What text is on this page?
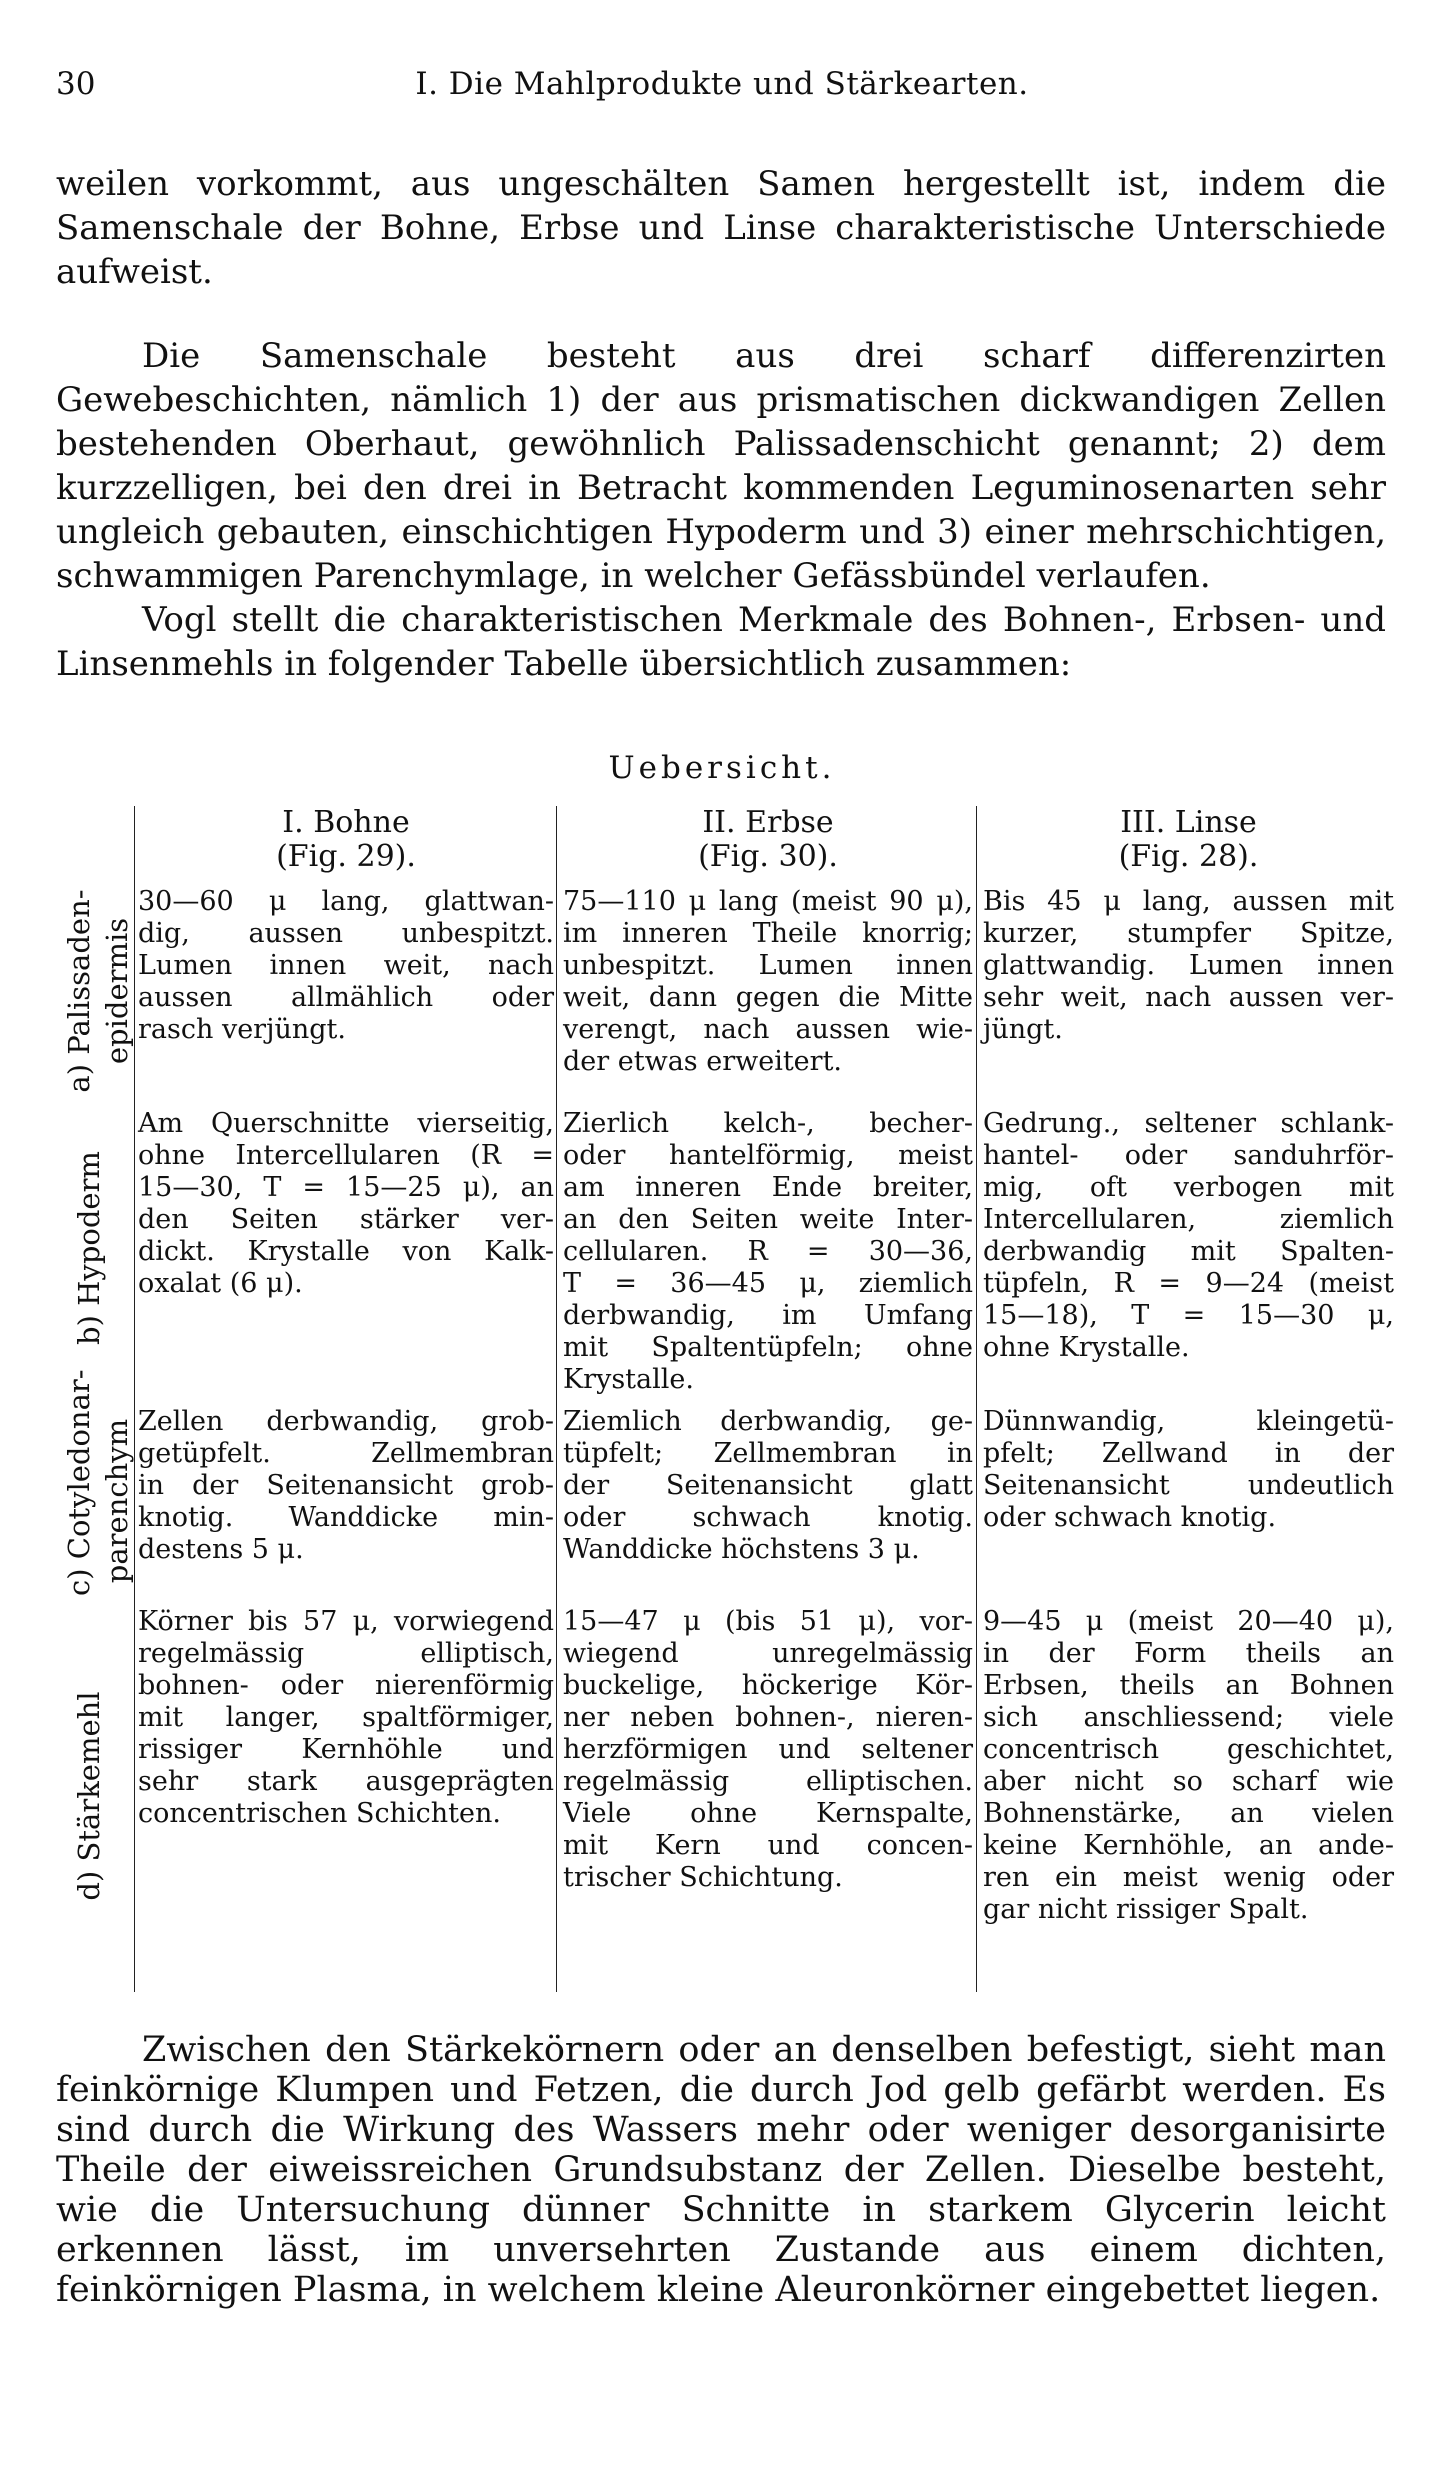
30	I. Die Mahlprodukte und Stärkearten.

weilen vorkommt, aus ungeschälten Samen hergestellt ist, indem die Samenschale der Bohne, Erbse und Linse charakteristische Unterschiede aufweist.

Die Samenschale besteht aus drei scharf differenzirten Gewebeschichten, nämlich 1) der aus prismatischen dickwandigen Zellen bestehenden Oberhaut, gewöhnlich Palissadenschicht genannt; 2) dem kurzzelligen, bei den drei in Betracht kommenden Leguminosenarten sehr ungleich gebauten, einschichtigen Hypoderm und 3) einer mehrschichtigen, schwammigen Parenchymlage, in welcher Gefässbündel verlaufen.

Vogl stellt die charakteristischen Merkmale des Bohnen-, Erbsen- und Linsenmehls in folgender Tabelle übersichtlich zusammen:

Uebersicht.
I. Bohne
(Fig. 29).
II. Erbse
(Fig. 30).
III. Linse
(Fig. 28).
a) Palissaden- epidermis
30—60 μ lang, glattwan-
dig, aussen unbespitzt.
Lumen innen weit, nach
aussen allmählich oder
rasch verjüngt.
75—110 μ lang (meist 90 μ),
im inneren Theile knorrig;
unbespitzt. Lumen innen
weit, dann gegen die Mitte
verengt, nach aussen wie-
der etwas erweitert.
Bis 45 μ lang, aussen mit
kurzer, stumpfer Spitze,
glattwandig. Lumen innen
sehr weit, nach aussen ver-
jüngt.
b) Hypoderm
Am Querschnitte vierseitig,
ohne Intercellularen (R =
15—30, T = 15—25 μ), an
den Seiten stärker ver-
dickt. Krystalle von Kalk-
oxalat (6 μ).
Zierlich kelch-, becher-
oder hantelförmig, meist
am inneren Ende breiter,
an den Seiten weite Inter-
cellularen. R = 30—36,
T = 36—45 μ, ziemlich
derbwandig, im Umfang
mit Spaltentüpfeln; ohne
Krystalle.
Gedrung., seltener schlank-
hantel- oder sanduhrför-
mig, oft verbogen mit
Intercellularen, ziemlich
derbwandig mit Spalten-
tüpfeln, R = 9—24 (meist
15—18), T = 15—30 μ,
ohne Krystalle.
c) Cotyledonar- parenchym Zellen derbwandig, grob-
getüpfelt. Zellmembran
in der Seitenansicht grob-
knotig. Wanddicke min-
destens 5 μ.
Ziemlich derbwandig, ge-
tüpfelt; Zellmembran in
der Seitenansicht glatt
oder schwach knotig.
Wanddicke höchstens 3 μ.
Dünnwandig, kleingetü-
pfelt; Zellwand in der
Seitenansicht undeutlich
oder schwach knotig.
d) Stärkemehl
Körner bis 57 μ, vorwiegend
regelmässig elliptisch,
bohnen- oder nierenförmig
mit langer, spaltförmiger,
rissiger Kernhöhle und
sehr stark ausgeprägten
concentrischen Schichten.
15—47 μ (bis 51 μ), vor-
wiegend unregelmässig
buckelige, höckerige Kör-
ner neben bohnen-, nieren-
herzförmigen und seltener
regelmässig elliptischen.
Viele ohne Kernspalte,
mit Kern und concen-
trischer Schichtung.
9—45 μ (meist 20—40 μ),
in der Form theils an
Erbsen, theils an Bohnen
sich anschliessend; viele
concentrisch geschichtet,
aber nicht so scharf wie
Bohnenstärke, an vielen
keine Kernhöhle, an ande-
ren ein meist wenig oder
gar nicht rissiger Spalt.

Zwischen den Stärkekörnern oder an denselben befestigt, sieht man feinkörnige Klumpen und Fetzen, die durch Jod gelb gefärbt werden. Es sind durch die Wirkung des Wassers mehr oder weniger desorganisirte Theile der eiweissreichen Grundsubstanz der Zellen. Dieselbe besteht, wie die Untersuchung dünner Schnitte in starkem Glycerin leicht erkennen lässt, im unversehrten Zustande aus einem dichten, feinkörnigen Plasma, in welchem kleine Aleuronkörner eingebettet liegen.
